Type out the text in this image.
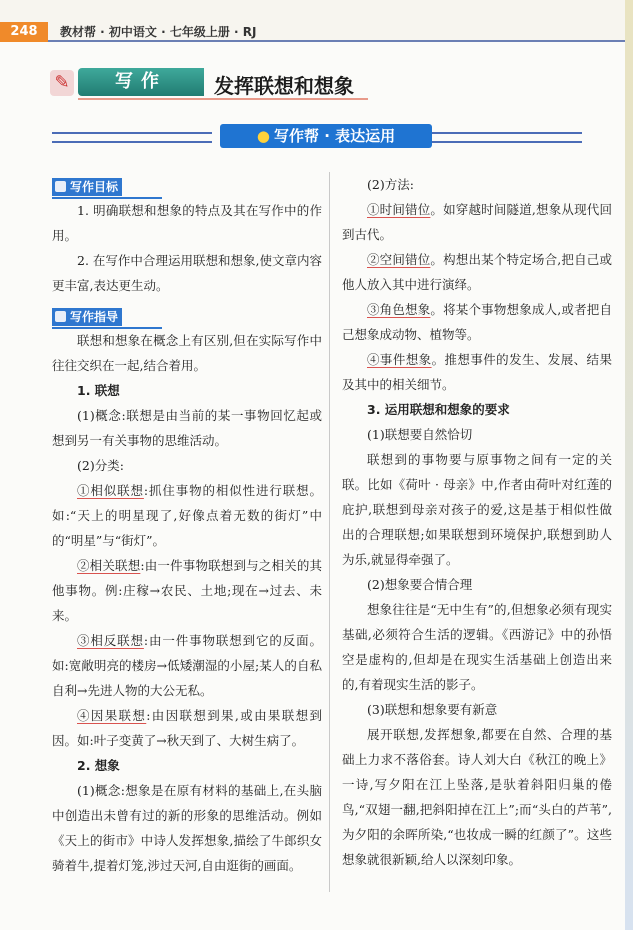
248	教材帮 · 初中语文 · 七年级上册 · RJ
✎	写作	发挥联想和想象
● 写作帮 · 表达运用
写作目标

1. 明确联想和想象的特点及其在写作中的作用。

2. 在写作中合理运用联想和想象,使文章内容更丰富,表达更生动。

写作指导

联想和想象在概念上有区别,但在实际写作中往往交织在一起,结合着用。

1. 联想

(1)概念:联想是由当前的某一事物回忆起或想到另一有关事物的思维活动。

(2)分类:

①相似联想:抓住事物的相似性进行联想。如:“天上的明星现了,好像点着无数的街灯”中的“明星”与“街灯”。

②相关联想:由一件事物联想到与之相关的其他事物。例:庄稼→农民、土地;现在→过去、未来。

③相反联想:由一件事物联想到它的反面。如:宽敞明亮的楼房→低矮潮湿的小屋;某人的自私自利→先进人物的大公无私。

④因果联想:由因联想到果,或由果联想到因。如:叶子变黄了→秋天到了、大树生病了。

2. 想象

(1)概念:想象是在原有材料的基础上,在头脑中创造出未曾有过的新的形象的思维活动。例如《天上的街市》中诗人发挥想象,描绘了牛郎织女骑着牛,提着灯笼,涉过天河,自由逛街的画面。

(2)方法:

①时间错位。如穿越时间隧道,想象从现代回到古代。

②空间错位。构想出某个特定场合,把自己或他人放入其中进行演绎。

③角色想象。将某个事物想象成人,或者把自己想象成动物、植物等。

④事件想象。推想事件的发生、发展、结果及其中的相关细节。

3. 运用联想和想象的要求

(1)联想要自然恰切

联想到的事物要与原事物之间有一定的关联。比如《荷叶 · 母亲》中,作者由荷叶对红莲的庇护,联想到母亲对孩子的爱,这是基于相似性做出的合理联想;如果联想到环境保护,联想到助人为乐,就显得牵强了。

(2)想象要合情合理

想象往往是“无中生有”的,但想象必须有现实基础,必须符合生活的逻辑。《西游记》中的孙悟空是虚构的,但却是在现实生活基础上创造出来的,有着现实生活的影子。

(3)联想和想象要有新意

展开联想,发挥想象,都要在自然、合理的基础上力求不落俗套。诗人刘大白《秋江的晚上》一诗,写夕阳在江上坠落,是驮着斜阳归巢的倦鸟,“双翅一翻,把斜阳掉在江上”;而“头白的芦苇”,为夕阳的余晖所染,“也妆成一瞬的红颜了”。这些想象就很新颖,给人以深刻印象。
